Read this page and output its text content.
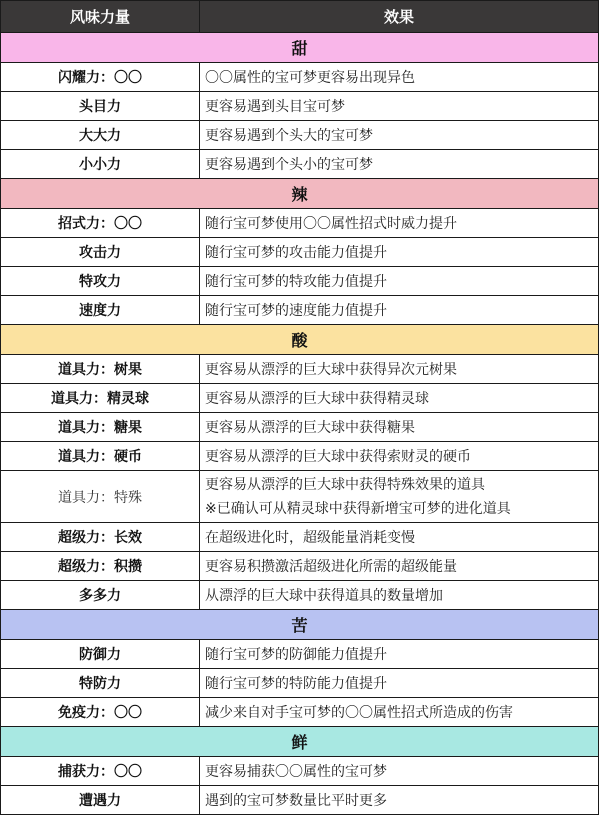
风味力量	效果
甜	
闪耀力：〇〇	〇〇属性的宝可梦更容易出现异色
头目力	更容易遇到头目宝可梦
大大力	更容易遇到个头大的宝可梦
小小力	更容易遇到个头小的宝可梦
辣	
招式力：〇〇	随行宝可梦使用〇〇属性招式时威力提升
攻击力	随行宝可梦的攻击能力值提升
特攻力	随行宝可梦的特攻能力值提升
速度力	随行宝可梦的速度能力值提升
酸	
道具力：树果	更容易从漂浮的巨大球中获得异次元树果
道具力：精灵球	更容易从漂浮的巨大球中获得精灵球
道具力：糖果	更容易从漂浮的巨大球中获得糖果
道具力：硬币	更容易从漂浮的巨大球中获得索财灵的硬币
道具力：特殊	更容易从漂浮的巨大球中获得特殊效果的道具
※已确认可从精灵球中获得新增宝可梦的进化道具

超级力：长效	在超级进化时，超级能量消耗变慢
超级力：积攒	更容易积攒激活超级进化所需的超级能量
多多力	从漂浮的巨大球中获得道具的数量增加
苦	
防御力	随行宝可梦的防御能力值提升
特防力	随行宝可梦的特防能力值提升
免疫力：〇〇	减少来自对手宝可梦的〇〇属性招式所造成的伤害
鲜	
捕获力：〇〇	更容易捕获〇〇属性的宝可梦
遭遇力	遇到的宝可梦数量比平时更多
